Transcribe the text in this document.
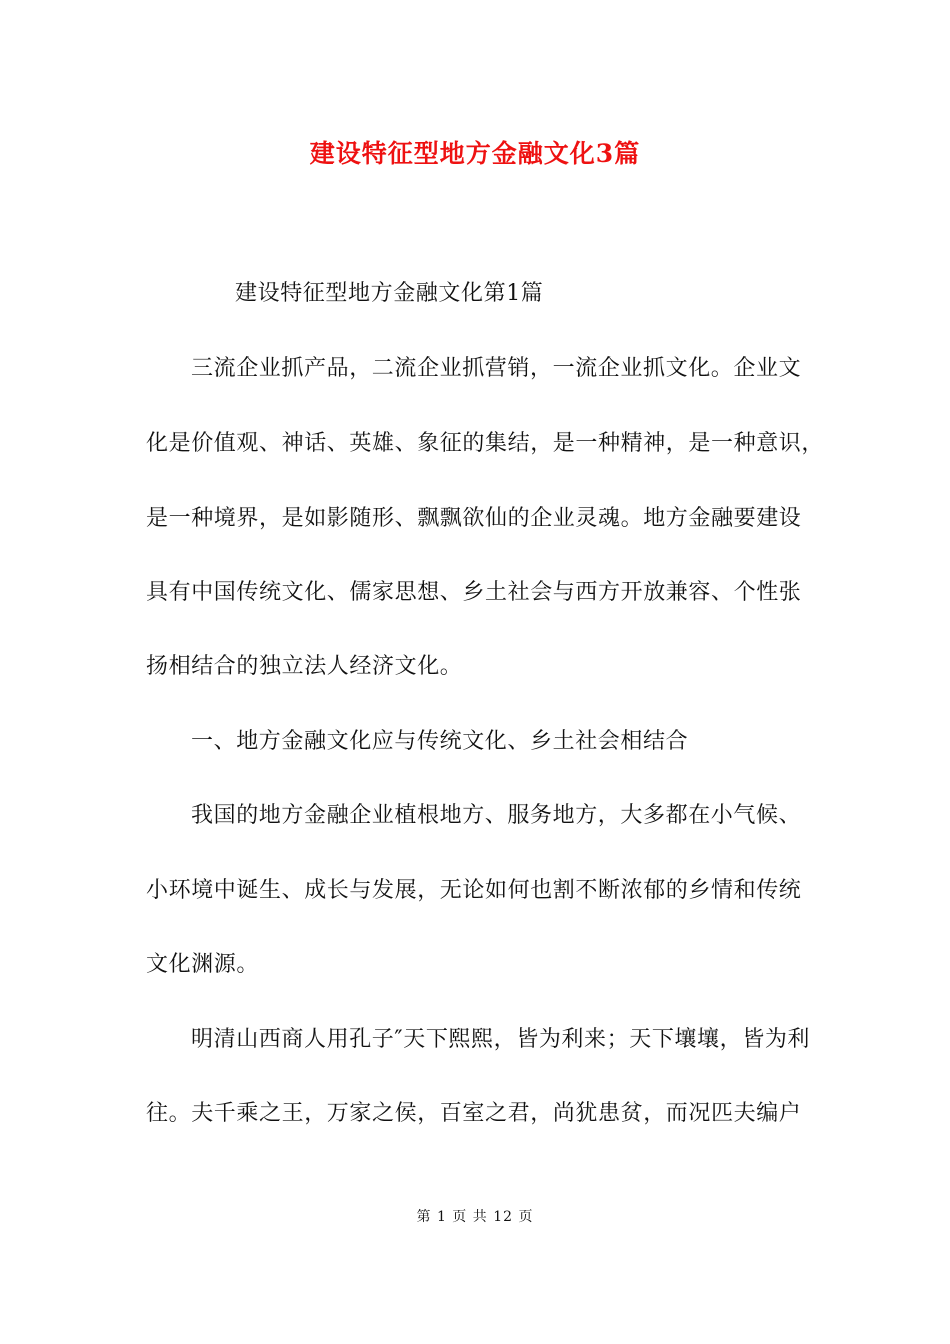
建设特征型地方金融文化3篇
建设特征型地方金融文化第1篇
三流企业抓产品，二流企业抓营销，一流企业抓文化。企业文
化是价值观、神话、英雄、象征的集结，是一种精神，是一种意识，
是一种境界，是如影随形、飘飘欲仙的企业灵魂。地方金融要建设
具有中国传统文化、儒家思想、乡土社会与西方开放兼容、个性张
扬相结合的独立法人经济文化。
一、地方金融文化应与传统文化、乡土社会相结合
我国的地方金融企业植根地方、服务地方，大多都在小气候、
小环境中诞生、成长与发展，无论如何也割不断浓郁的乡情和传统
文化渊源。
明清山西商人用孔子″天下熙熙，皆为利来；天下壤壤，皆为利
往。夫千乘之王，万家之侯，百室之君，尚犹患贫，而况匹夫编户
第 1 页 共 12 页
